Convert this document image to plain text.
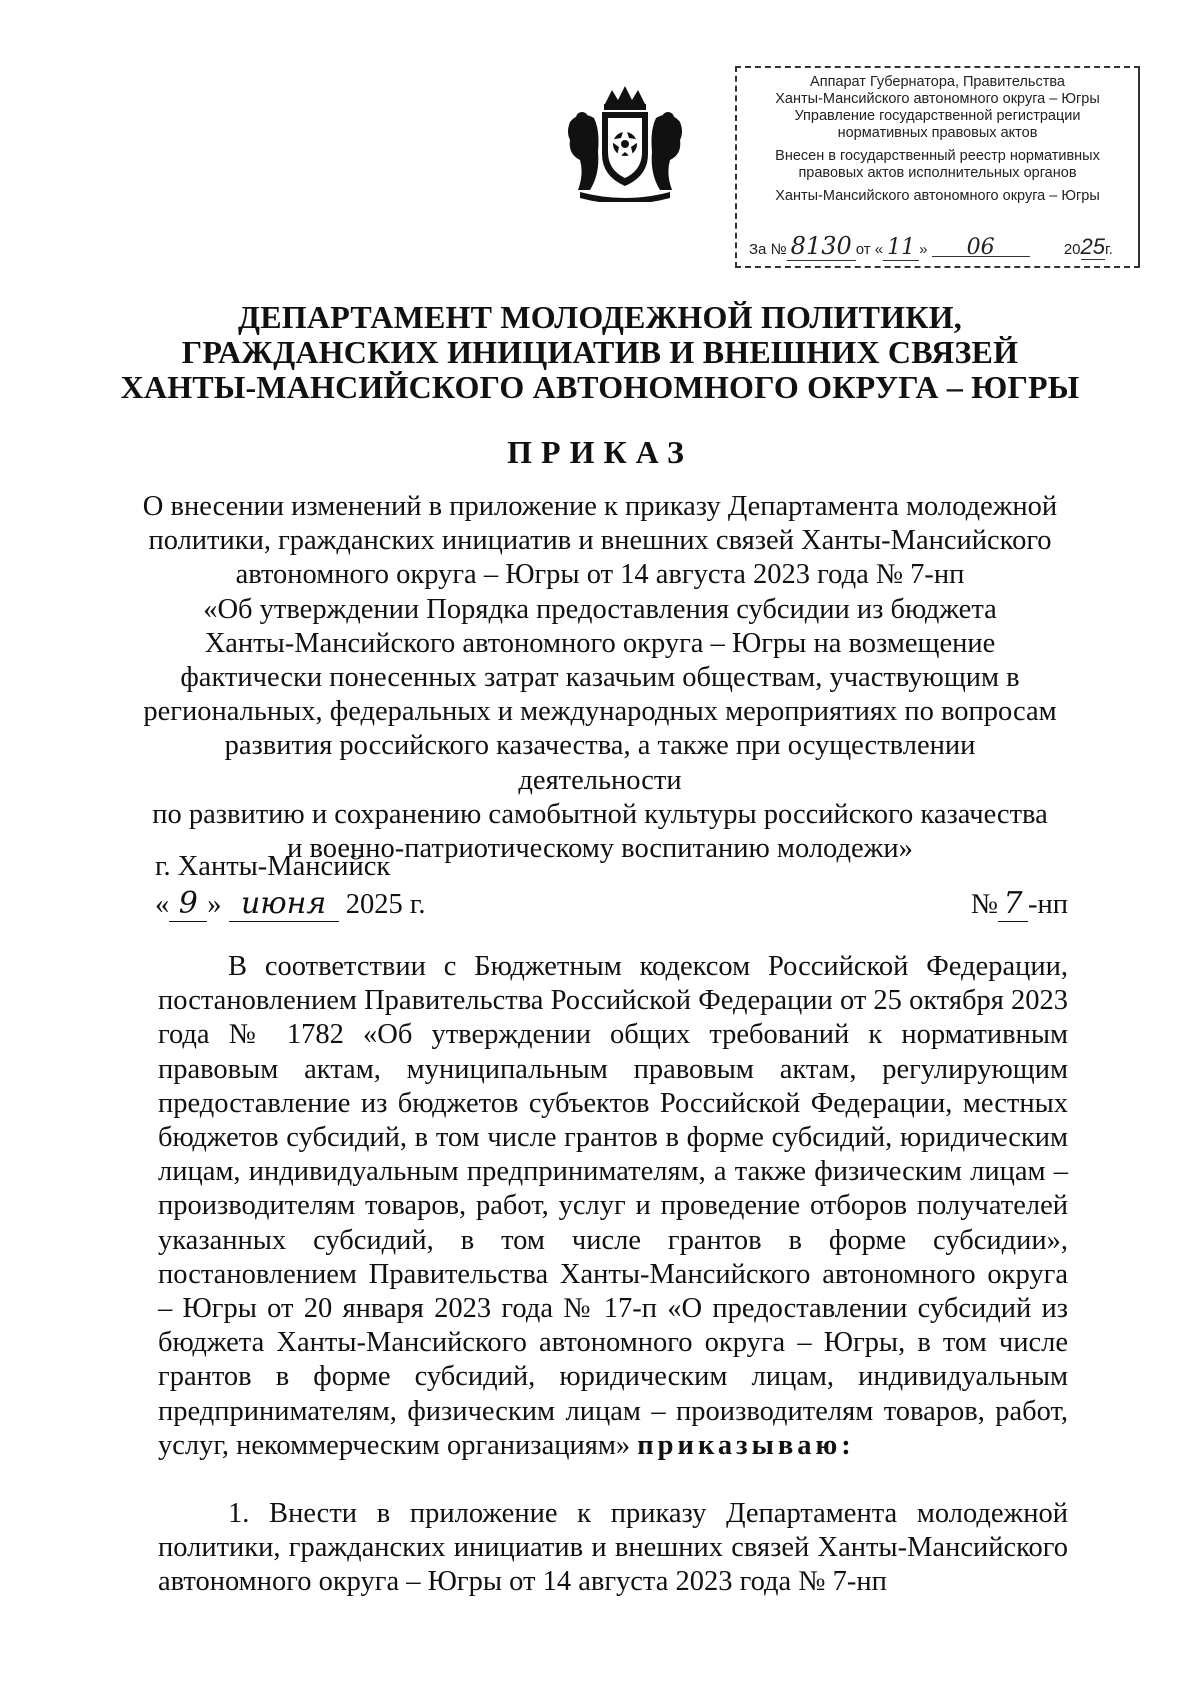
Аппарат Губернатора, Правительства
Ханты-Мансийского автономного округа – Югры
Управление государственной регистрации
нормативных правовых актов
Внесен в государственный реестр нормативных
правовых актов исполнительных органов
Ханты-Мансийского автономного округа – Югры
За № 8130 от « 11 » 06	2025г.
ДЕПАРТАМЕНТ МОЛОДЕЖНОЙ ПОЛИТИКИ,
ГРАЖДАНСКИХ ИНИЦИАТИВ И ВНЕШНИХ СВЯЗЕЙ
ХАНТЫ-МАНСИЙСКОГО АВТОНОМНОГО ОКРУГА – ЮГРЫ
ПРИКАЗ
О внесении изменений в приложение к приказу Департамента молодежной
политики, гражданских инициатив и внешних связей Ханты-Мансийского
автономного округа – Югры от 14 августа 2023 года № 7-нп
«Об утверждении Порядка предоставления субсидии из бюджета
Ханты-Мансийского автономного округа – Югры на возмещение
фактически понесенных затрат казачьим обществам, участвующим в
региональных, федеральных и международных мероприятиях по вопросам
развития российского казачества, а также при осуществлении деятельности
по развитию и сохранению самобытной культуры российского казачества
и военно-патриотическому воспитанию молодежи»
г. Ханты-Мансийск
« 9 » июня 2025 г.	№ 7 -нп

В соответствии с Бюджетным кодексом Российской Федерации, постановлением Правительства Российской Федерации от 25 октября 2023 года № 1782 «Об утверждении общих требований к нормативным правовым актам, муниципальным правовым актам, регулирующим предоставление из бюджетов субъектов Российской Федерации, местных бюджетов субсидий, в том числе грантов в форме субсидий, юридическим лицам, индивидуальным предпринимателям, а также физическим лицам – производителям товаров, работ, услуг и проведение отборов получателей указанных субсидий, в том числе грантов в форме субсидии», постановлением Правительства Ханты-Мансийского автономного округа – Югры от 20 января 2023 года № 17-п «О предоставлении субсидий из бюджета Ханты-Мансийского автономного округа – Югры, в том числе грантов в форме субсидий, юридическим лицам, индивидуальным предпринимателям, физическим лицам – производителям товаров, работ, услуг, некоммерческим организациям» приказываю:

1. Внести в приложение к приказу Департамента молодежной политики, гражданских инициатив и внешних связей Ханты-Мансийского автономного округа – Югры от 14 августа 2023 года № 7-нп
